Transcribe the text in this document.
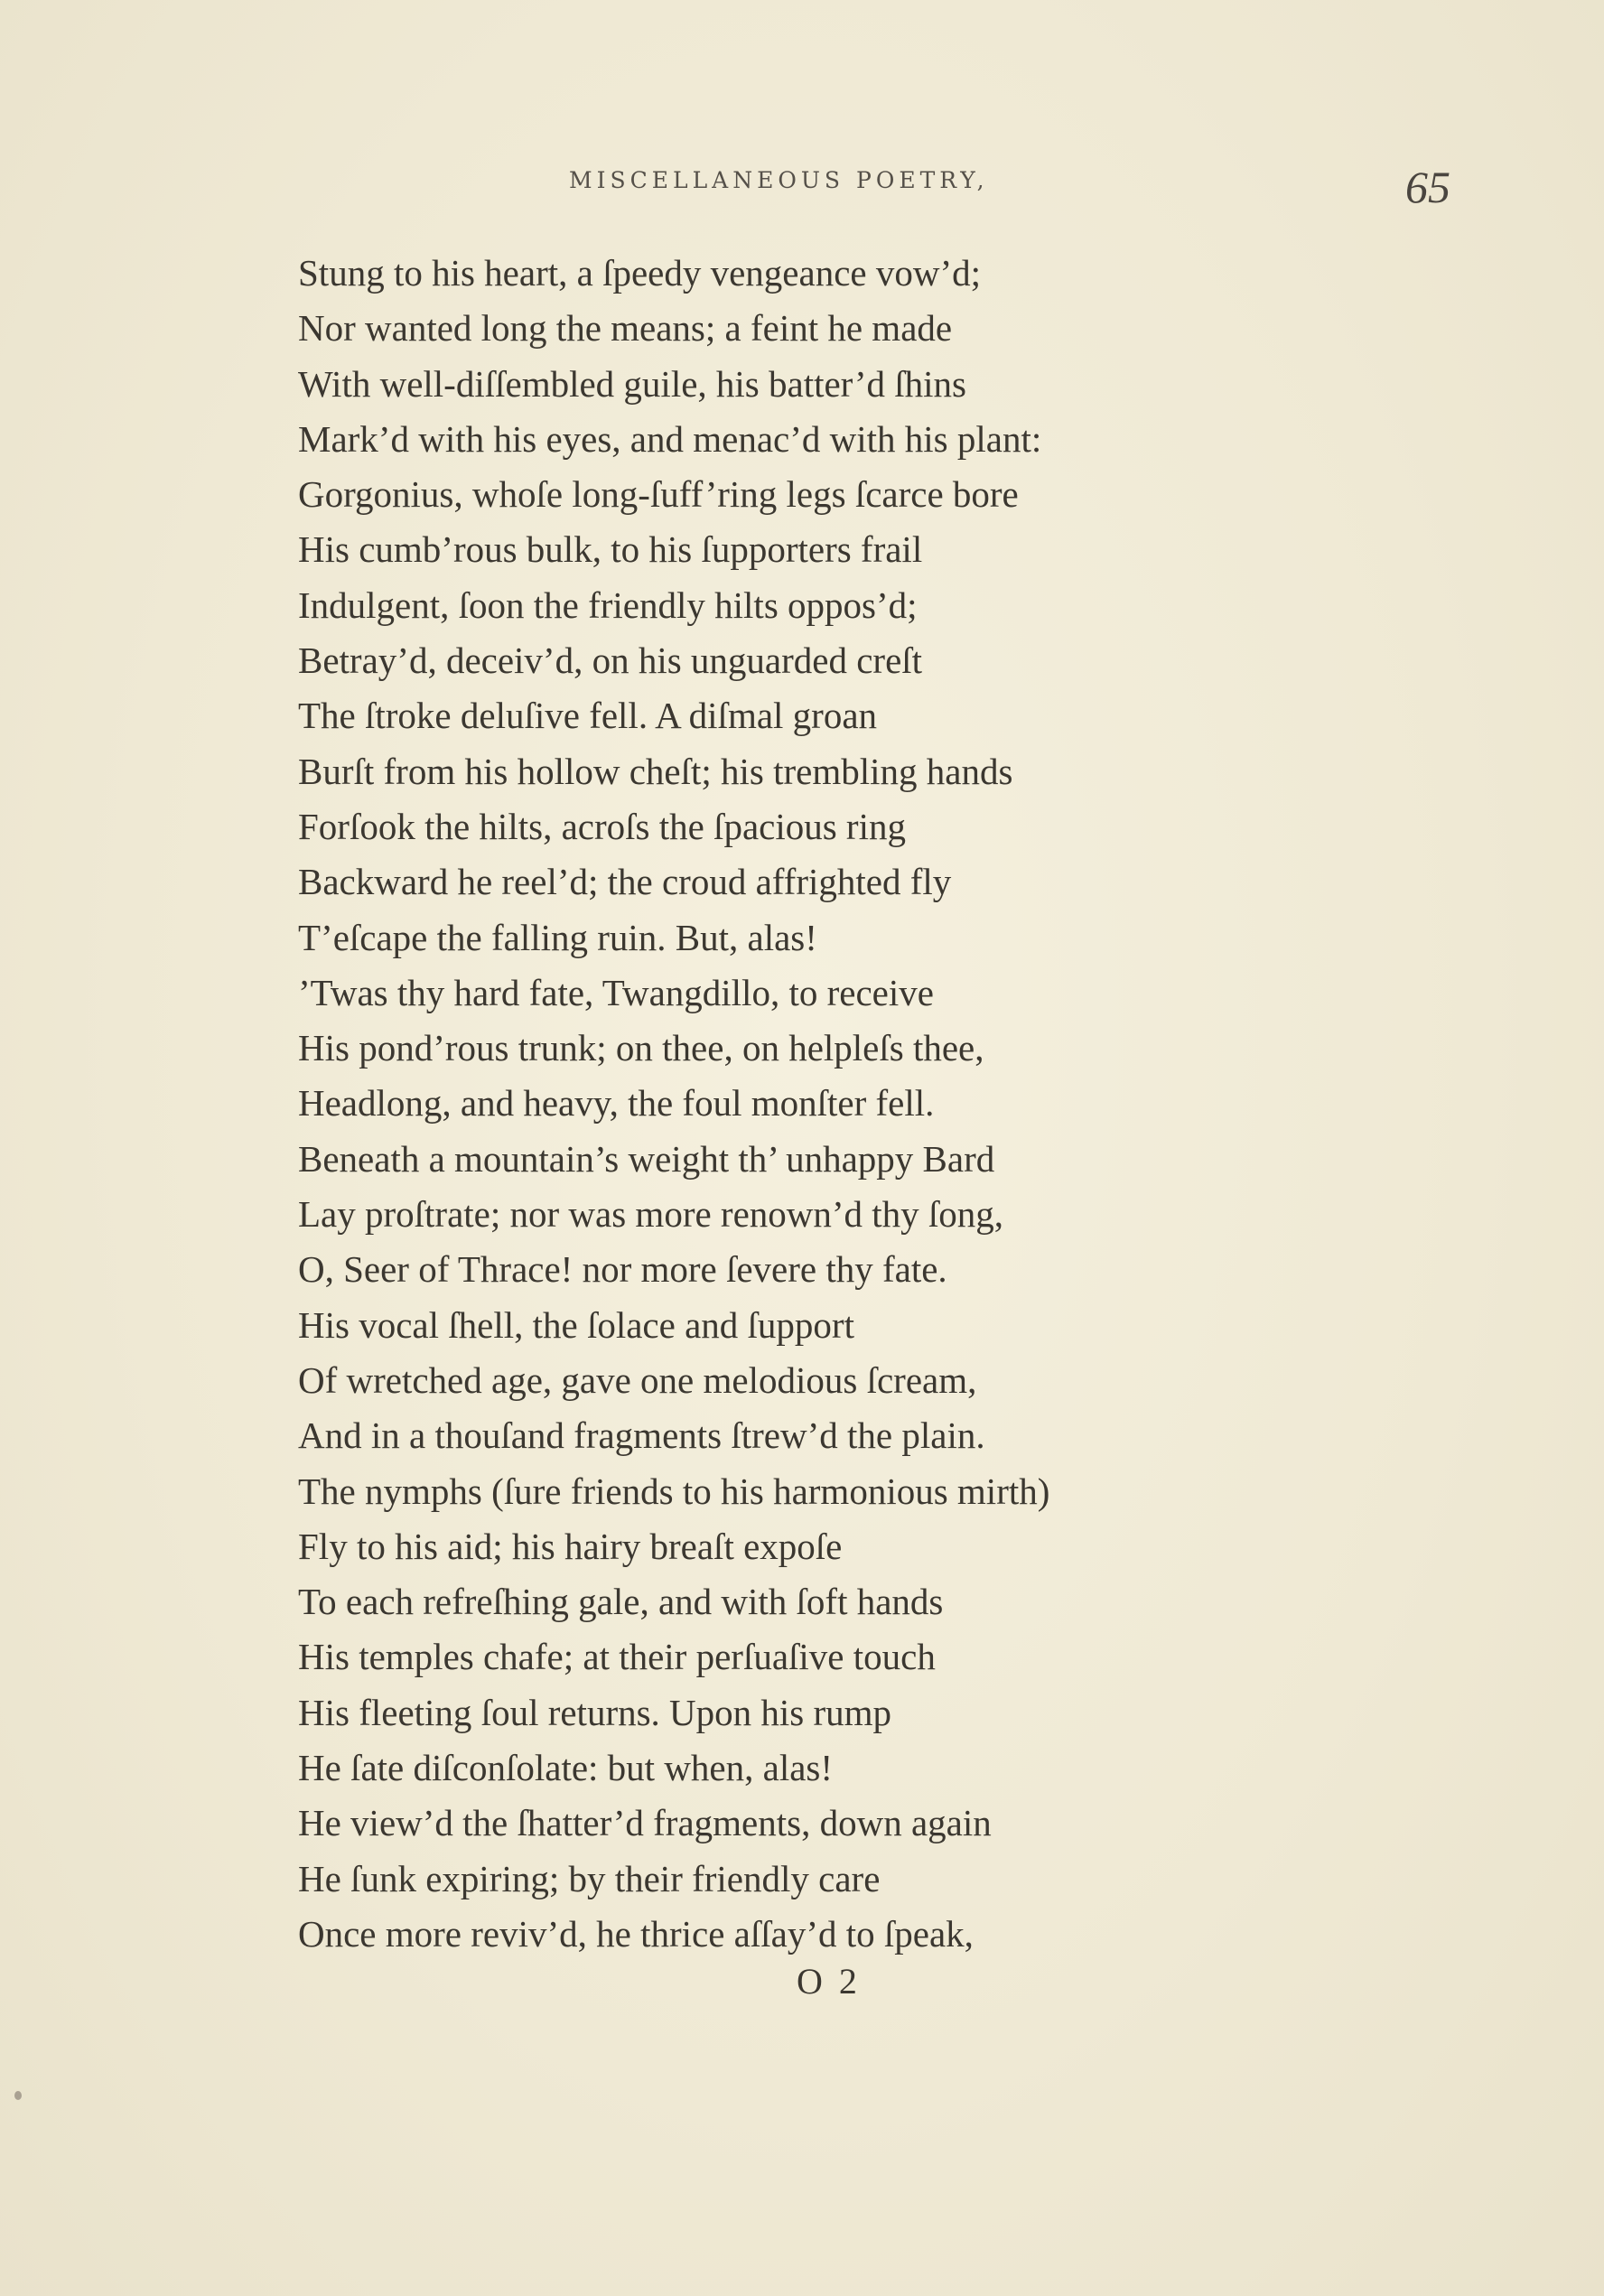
MISCELLANEOUS POETRY,	65
Stung to his heart, a ſpeedy vengeance vow’d;
Nor wanted long the means; a feint he made
With well-diſſembled guile, his batter’d ſhins
Mark’d with his eyes, and menac’d with his plant:
Gorgonius, whoſe long-ſuff’ring legs ſcarce bore
His cumb’rous bulk, to his ſupporters frail
Indulgent, ſoon the friendly hilts oppos’d;
Betray’d, deceiv’d, on his unguarded creſt
The ſtroke deluſive fell. A diſmal groan
Burſt from his hollow cheſt; his trembling hands
Forſook the hilts, acroſs the ſpacious ring
Backward he reel’d; the croud affrighted fly
T’eſcape the falling ruin. But, alas!
’Twas thy hard fate, Twangdillo, to receive
His pond’rous trunk; on thee, on helpleſs thee,
Headlong, and heavy, the foul monſter fell.
Beneath a mountain’s weight th’ unhappy Bard
Lay proſtrate; nor was more renown’d thy ſong,
O, Seer of Thrace! nor more ſevere thy fate.
His vocal ſhell, the ſolace and ſupport
Of wretched age, gave one melodious ſcream,
And in a thouſand fragments ſtrew’d the plain.
The nymphs (ſure friends to his harmonious mirth)
Fly to his aid; his hairy breaſt expoſe
To each refreſhing gale, and with ſoft hands
His temples chafe; at their perſuaſive touch
His fleeting ſoul returns. Upon his rump
He ſate diſconſolate: but when, alas!
He view’d the ſhatter’d fragments, down again
He ſunk expiring; by their friendly care
Once more reviv’d, he thrice aſſay’d to ſpeak,
O 2
